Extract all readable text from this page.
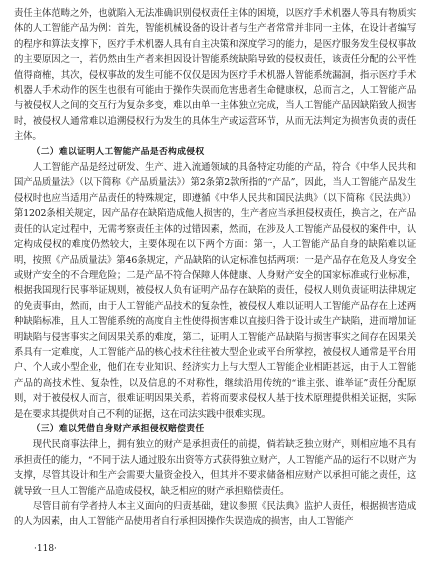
责任主体范畴之外，也就陷入无法准确识别侵权责任主体的困境，以医疗手术机器人等具有物质实体的人工智能产品为例：首先，智能机械设备的设计者与生产者常常并非同一主体，在设计者编写的程序和算法支撑下，医疗手术机器人具有自主决策和深度学习的能力，是医疗服务发生侵权事故的主要原因之一，若仍然由生产者来担因设计智能系统缺陷导致的侵权责任，该责任分配的公平性值得商榷，其次，侵权事故的发生可能不仅仅是因为医疗手术机器人智能系统漏洞，指示医疗手术机器人手术动作的医生也很有可能由于操作失误而危害患者生命健康权，总而言之，人工智能产品与被侵权人之间的交互行为复杂多变，难以由单一主体独立完成，当人工智能产品因缺陷致人损害时，被侵权人通常难以追溯侵权行为发生的具体生产或运营环节，从而无法判定为损害负责的责任主体。

（二）难以证明人工智能产品是否构成侵权

人工智能产品是经过研发、生产、进入流通领域的具备特定功能的产品，符合《中华人民共和国产品质量法》（以下简称《产品质量法》）第2条第2款所指的“产品”，因此，当人工智能产品发生侵权时也应当适用产品责任的特殊规定，即遵循《中华人民共和国民法典》（以下简称《民法典》）第1202条相关规定，因产品存在缺陷造成他人损害的，生产者应当承担侵权责任，换言之，在产品责任的认定过程中，无需考察责任主体的过错因素，然而，在涉及人工智能产品侵权的案件中，认定构成侵权的难度仍然较大，主要体现在以下两个方面：第一，人工智能产品自身的缺陷难以证明，按照《产品质量法》第46条规定，产品缺陷的认定标准包括两项：一是产品存在危及人身安全或财产安全的不合理危险；二是产品不符合保障人体健康、人身财产安全的国家标准或行业标准，根据我国现行民事举证规则，被侵权人负有证明产品存在缺陷的责任，侵权人则负责证明法律规定的免责事由，然而，由于人工智能产品技术的复杂性，被侵权人难以证明人工智能产品存在上述两种缺陷标准，且人工智能系统的高度自主性使得损害难以直接归咎于设计或生产缺陷，进而增加证明缺陷与侵害事实之间因果关系的难度，第二，证明人工智能产品缺陷与损害事实之间存在因果关系具有一定难度，人工智能产品的核心技术往往被大型企业或平台所掌控，被侵权人通常是平台用户、个人或小型企业，他们在专业知识、经济实力上与大型人工智能企业相距甚远，由于人工智能产品的高技术性、复杂性，以及信息的不对称性，继续沿用传统的“谁主张、谁举证”责任分配原则，对于被侵权人而言，很难证明因果关系，若将而要求侵权人基于技术原理提供相关证据，实际是在要求其提供对自己不利的证据，这在司法实践中很难实现。

（三）难以凭借自身财产承担侵权赔偿责任

现代民商事法律上，拥有独立的财产是承担责任的前提，倘若缺乏独立财产，则相应地不具有承担责任的能力，“不同于法人通过股东出资等方式获得独立财产，人工智能产品的运行不以财产为支撑，尽管其设计和生产会需要大量资金投入，但其并不要求储备相应财产以承担可能之责任，这就导致一旦人工智能产品造成侵权，缺乏相应的财产承担赔偿责任。

尽管目前有学者持人本主义面向的归责基础，建议参照《民法典》监护人责任，根据损害造成的人为因素，由人工智能产品使用者自行承担因操作失误造成的损害，由人工智能产

·118·
